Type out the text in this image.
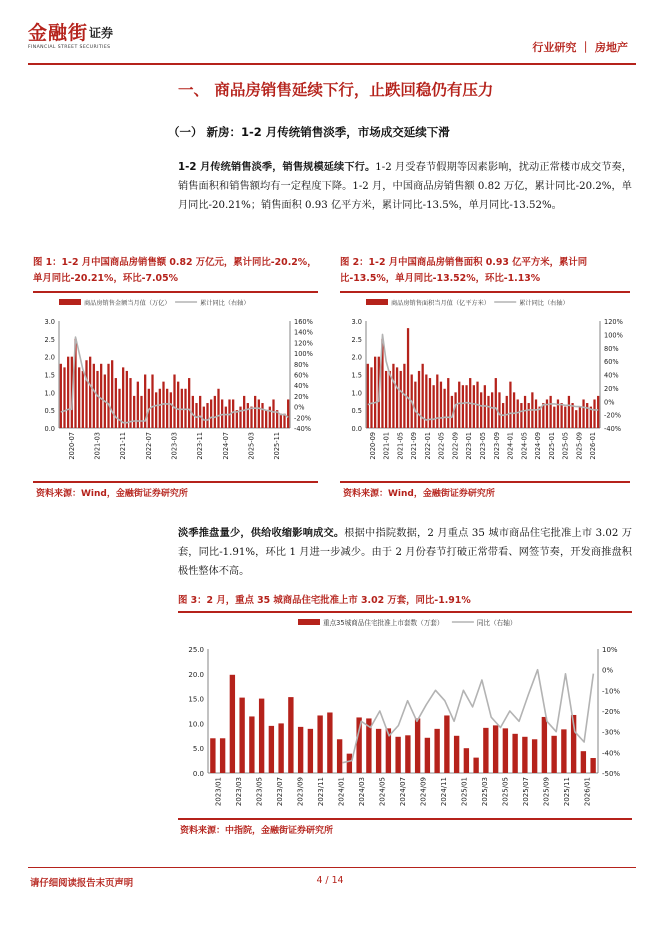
金融街 证券
FINANCIAL STREET SECURITIES	行业研究 ｜ 房地产
一、 商品房销售延续下行，止跌回稳仍有压力
（一） 新房：1-2 月传统销售淡季，市场成交延续下滑
1-2 月传统销售淡季，销售规模延续下行。1-2 月受春节假期等因素影响，扰动正常楼市成交节奏，销售面积和销售额均有一定程度下降。1-2 月，中国商品房销售额 0.82 万亿，累计同比-20.2%，单月同比-20.21%；销售面积 0.93 亿平方米，累计同比-13.5%，单月同比-13.52%。
图 1：1-2 月中国商品房销售额 0.82 万亿元，累计同比-20.2%，单月同比-20.21%，环比-7.05%
商品房销售金额当月值（万亿）	累计同比（右轴）
0.0
0.5
1.0
1.5
2.0
2.5
3.0
-40%
-20%
0%
20%
40%
60%
80%
100%
120%
140%
160%
2020-07	2021-03	2021-11	2022-07	2023-03	2023-11	2024-07	2025-03	2025-11
资料来源：Wind，金融街证券研究所
图 2：1-2 月中国商品房销售面积 0.93 亿平方米，累计同比-13.5%，单月同比-13.52%，环比-1.13%
商品房销售面积当月值（亿平方米）	累计同比（右轴）
0.0
0.5
1.0
1.5
2.0
2.5
3.0
-40%
-20%
0%
20%
40%
60%
80%
100%
120%
2020-09 2021-01 2021-05 2021-09 2022-01 2022-05 2022-09 2023-01 2023-05 2023-09 2024-01 2024-05 2024-09 2025-01 2025-05 2025-09 2026-01
资料来源：Wind，金融街证券研究所
淡季推盘量少，供给收缩影响成交。根据中指院数据，2 月重点 35 城市商品住宅批准上市 3.02 万套，同比-1.91%，环比 1 月进一步减少。由于 2 月份春节打破正常带看、网签节奏，开发商推盘积极性整体不高。
图 3：2 月，重点 35 城商品住宅批准上市 3.02 万套，同比-1.91%
重点35城商品住宅批准上市套数（万套）	同比（右轴）
0.0
5.0
10.0
15.0
20.0
25.0
-50%
-40%
-30%
-20%
-10%
0%
10%
2023/01 2023/03 2023/05 2023/07 2023/09 2023/11 2024/01 2024/03 2024/05 2024/07 2024/09 2024/11 2025/01 2025/03 2025/05 2025/07 2025/09 2025/11 2026/01
资料来源：中指院，金融街证券研究所
请仔细阅读报告末页声明	4 / 14
